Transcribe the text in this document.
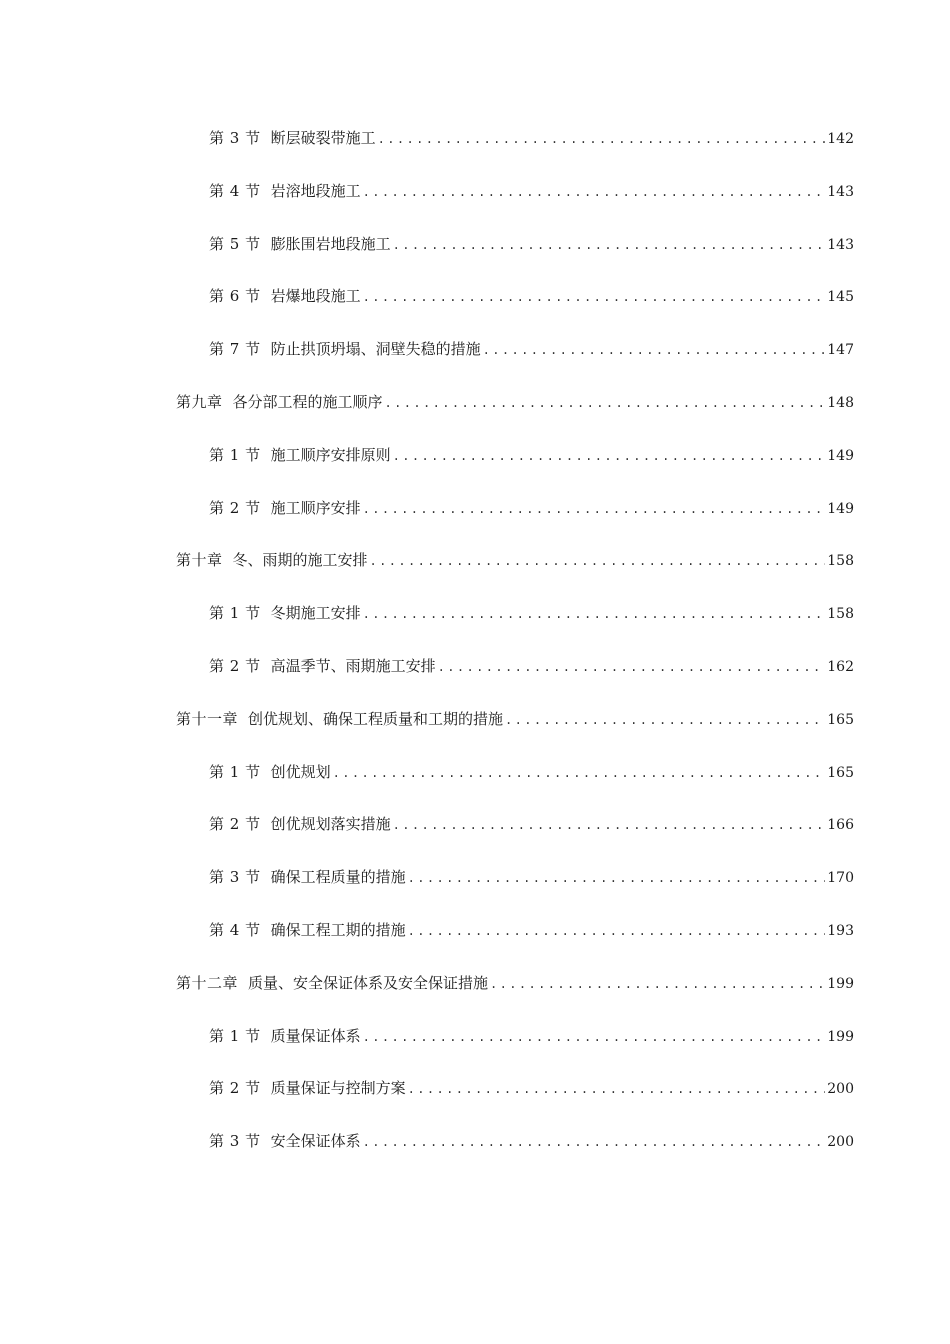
第 3 节 断层破裂带施工 .....	142
第 4 节 岩溶地段施工 .....	143
第 5 节 膨胀围岩地段施工 .....	143
第 6 节 岩爆地段施工 .....	145
第 7 节 防止拱顶坍塌、洞壁失稳的措施 .....	147
第九章 各分部工程的施工顺序 .....	148
第 1 节 施工顺序安排原则 .....	149
第 2 节 施工顺序安排 .....	149
第十章 冬、雨期的施工安排 .....	158
第 1 节 冬期施工安排 .....	158
第 2 节 高温季节、雨期施工安排 .....	162
第十一章 创优规划、确保工程质量和工期的措施 .....	165
第 1 节 创优规划 .....	165
第 2 节 创优规划落实措施 .....	166
第 3 节 确保工程质量的措施 .....	170
第 4 节 确保工程工期的措施 .....	193
第十二章 质量、安全保证体系及安全保证措施 .....	199
第 1 节 质量保证体系 .....	199
第 2 节 质量保证与控制方案 .....	200
第 3 节 安全保证体系 .....	200
